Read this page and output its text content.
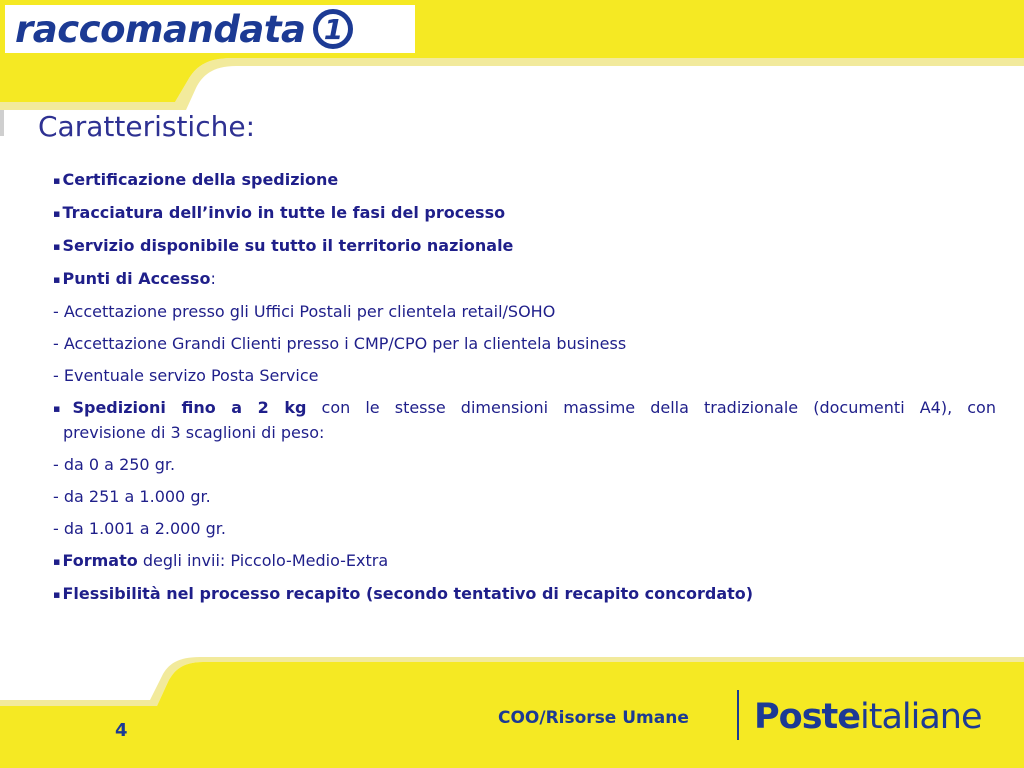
raccomandata 1
Caratteristiche:
▪ Certificazione della spedizione
▪ Tracciatura dell’invio in tutte le fasi del processo
▪ Servizio disponibile su tutto il territorio nazionale
▪ Punti di Accesso:
- Accettazione presso gli Uffici Postali per clientela retail/SOHO
- Accettazione Grandi Clienti presso i CMP/CPO per la clientela business
- Eventuale servizo Posta Service
▪ Spedizioni fino a 2 kg con le stesse dimensioni massime della tradizionale (documenti A4), con
previsione di 3 scaglioni di peso:
- da 0 a 250 gr.
- da 251 a 1.000 gr.
- da 1.001 a 2.000 gr.
▪ Formato degli invii: Piccolo-Medio-Extra
▪ Flessibilità nel processo recapito (secondo tentativo di recapito concordato)
4
COO/Risorse Umane Posteitaliane
